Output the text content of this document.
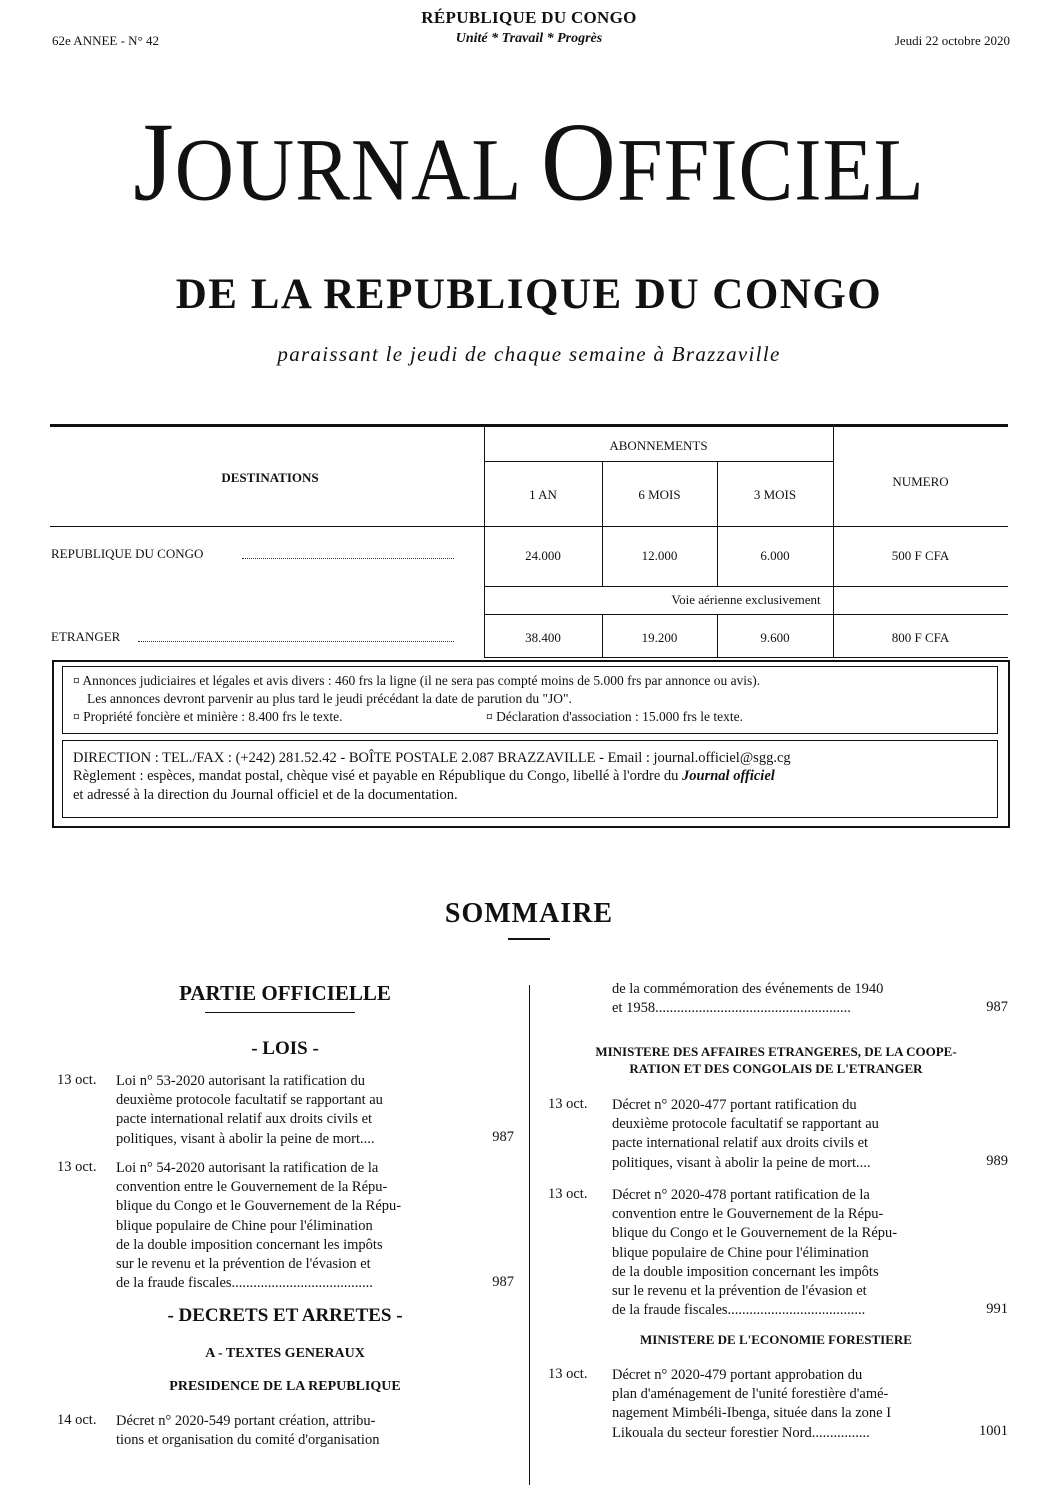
RÉPUBLIQUE DU CONGO
Unité * Travail * Progrès
62e ANNEE - N° 42	Jeudi 22 octobre 2020
JOURNAL OFFICIEL
DE LA REPUBLIQUE DU CONGO
paraissant le jeudi de chaque semaine à Brazzaville
DESTINATIONS
ABONNEMENTS
NUMERO
1 AN	6 MOIS	3 MOIS
REPUBLIQUE DU CONGO	24.000	12.000	6.000	500 F CFA
Voie aérienne exclusivement
ETRANGER	38.400	19.200	9.600	800 F CFA
¤ Annonces judiciaires et légales et avis divers : 460 frs la ligne (il ne sera pas compté moins de 5.000 frs par annonce ou avis).
Les annonces devront parvenir au plus tard le jeudi précédant la date de parution du "JO".
¤ Propriété foncière et minière : 8.400 frs le texte.	¤ Déclaration d'association : 15.000 frs le texte.
DIRECTION : TEL./FAX : (+242) 281.52.42 - BOÎTE POSTALE 2.087 BRAZZAVILLE - Email : journal.officiel@sgg.cg
Règlement : espèces, mandat postal, chèque visé et payable en République du Congo, libellé à l'ordre du Journal officiel
et adressé à la direction du Journal officiel et de la documentation.
SOMMAIRE
PARTIE OFFICIELLE
- LOIS -
13 oct. Loi n° 53-2020 autorisant la ratification du
deuxième protocole facultatif se rapportant au
pacte international relatif aux droits civils et
politiques, visant à abolir la peine de mort....	987
13 oct. Loi n° 54-2020 autorisant la ratification de la
convention entre le Gouvernement de la Répu-
blique du Congo et le Gouvernement de la Répu-
blique populaire de Chine pour l'élimination
de la double imposition concernant les impôts
sur le revenu et la prévention de l'évasion et
de la fraude fiscales.......................................	987
- DECRETS ET ARRETES -
A - TEXTES GENERAUX
PRESIDENCE DE LA REPUBLIQUE
14 oct. Décret n° 2020-549 portant création, attribu-
tions et organisation du comité d'organisation
de la commémoration des événements de 1940
et 1958......................................................	987
MINISTERE DES AFFAIRES ETRANGERES, DE LA COOPE-
RATION ET DES CONGOLAIS DE L'ETRANGER
13 oct. Décret n° 2020-477 portant ratification du
deuxième protocole facultatif se rapportant au
pacte international relatif aux droits civils et
politiques, visant à abolir la peine de mort....	989
13 oct. Décret n° 2020-478 portant ratification de la
convention entre le Gouvernement de la Répu-
blique du Congo et le Gouvernement de la Répu-
blique populaire de Chine pour l'élimination
de la double imposition concernant les impôts
sur le revenu et la prévention de l'évasion et
de la fraude fiscales......................................	991
MINISTERE DE L'ECONOMIE FORESTIERE
13 oct. Décret n° 2020-479 portant approbation du
plan d'aménagement de l'unité forestière d'amé-
nagement Mimbéli-Ibenga, située dans la zone I
Likouala du secteur forestier Nord................	1001
